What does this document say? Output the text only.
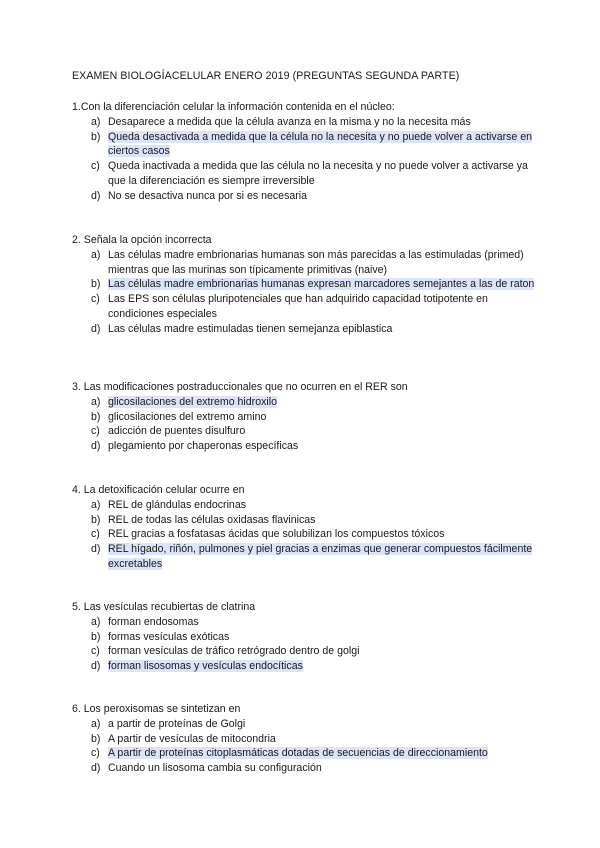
EXAMEN BIOLOGÍACELULAR ENERO 2019 (PREGUNTAS SEGUNDA PARTE)
1.Con la diferenciación celular la información contenida en el núcleo:
a) Desaparece a medida que la célula avanza en la misma y no la necesita más
b) Queda desactivada a medida que la célula no la necesita y no puede volver a activarse en ciertos casos
c) Queda inactivada a medida que las célula no la necesita y no puede volver a activarse ya que la diferenciación es siempre irreversible
d) No se desactiva nunca por si es necesaria
2. Señala la opción incorrecta
a) Las células madre embrionarias humanas son más parecidas a las estimuladas (primed) mientras que las murinas son típicamente primitivas (naive)
b) Las células madre embrionarias humanas expresan marcadores semejantes a las de raton
c) Las EPS son células pluripotenciales que han adquirido capacidad totipotente en condiciones especiales
d) Las células madre estimuladas tienen semejanza epiblastica
3. Las modificaciones postraduccionales que no ocurren en el RER son
a) glicosilaciones del extremo hidroxilo
b) glicosilaciones del extremo amino
c) adicción de puentes disulfuro
d) plegamiento por chaperonas específicas
4. La detoxificación celular ocurre en
a) REL de glándulas endocrinas
b) REL de todas las células oxidasas flavinicas
c) REL gracias a fosfatasas ácidas que solubilizan los compuestos tóxicos
d) REL hígado, riñón, pulmones y piel gracias a enzimas que generar compuestos fácilmente excretables
5. Las vesículas recubiertas de clatrina
a) forman endosomas
b) formas vesículas exóticas
c) forman vesículas de tráfico retrógrado dentro de golgi
d) forman lisosomas y vesículas endocíticas
6. Los peroxisomas se sintetizan en
a) a partir de proteínas de Golgi
b) A partir de vesículas de mitocondria
c) A partir de proteínas citoplasmáticas dotadas de secuencias de direccionamiento
d) Cuando un lisosoma cambia su configuración
